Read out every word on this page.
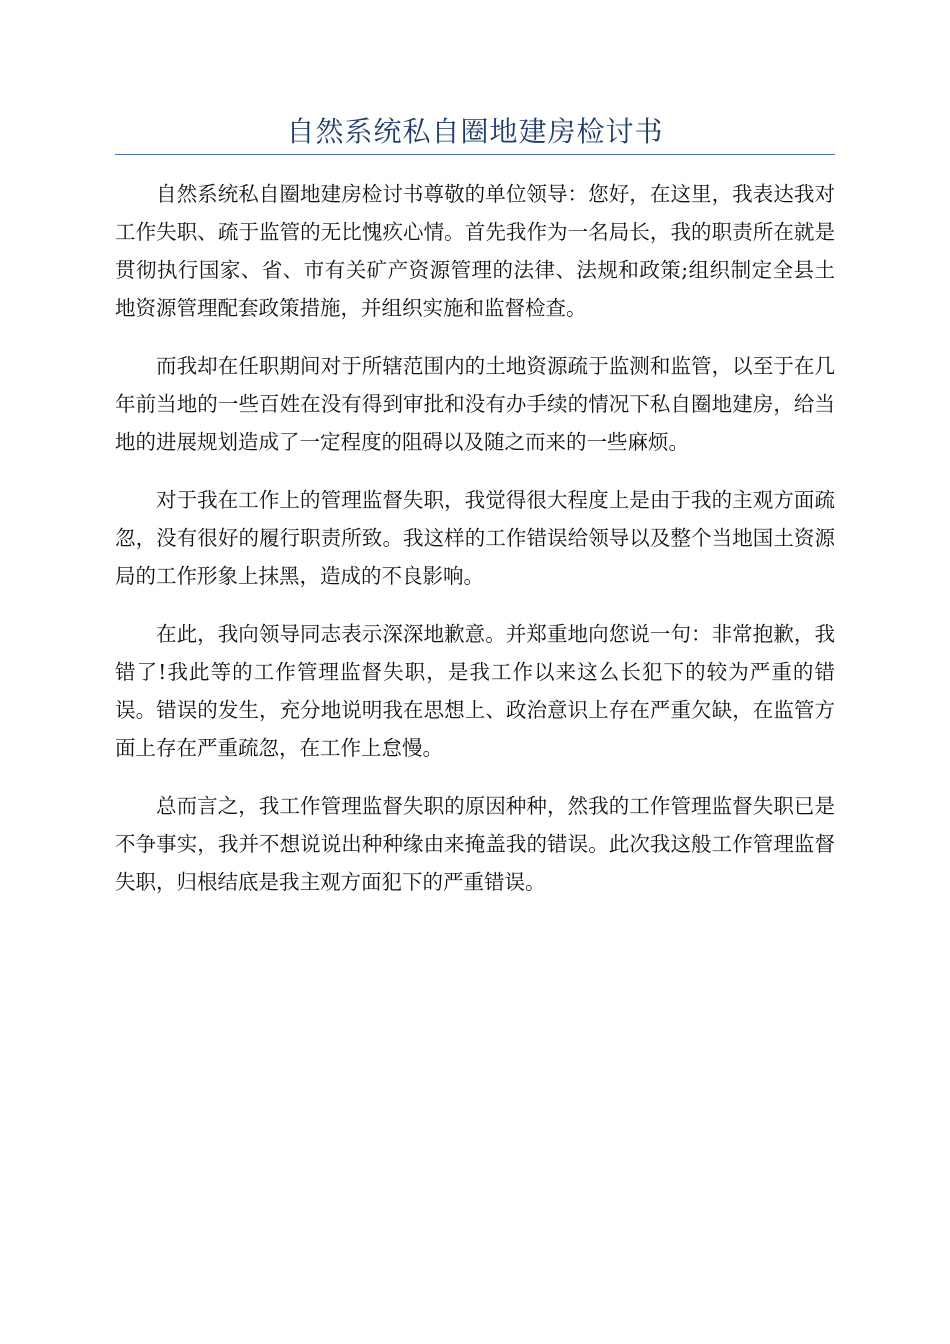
自然系统私自圈地建房检讨书

自然系统私自圈地建房检讨书尊敬的单位领导：您好，在这里，我表达我对工作失职、疏于监管的无比愧疚心情。首先我作为一名局长，我的职责所在就是贯彻执行国家、省、市有关矿产资源管理的法律、法规和政策;组织制定全县土地资源管理配套政策措施，并组织实施和监督检查。

而我却在任职期间对于所辖范围内的土地资源疏于监测和监管，以至于在几年前当地的一些百姓在没有得到审批和没有办手续的情况下私自圈地建房，给当地的进展规划造成了一定程度的阻碍以及随之而来的一些麻烦。

对于我在工作上的管理监督失职，我觉得很大程度上是由于我的主观方面疏忽，没有很好的履行职责所致。我这样的工作错误给领导以及整个当地国土资源局的工作形象上抹黑，造成的不良影响。

在此，我向领导同志表示深深地歉意。并郑重地向您说一句：非常抱歉，我错了!我此等的工作管理监督失职，是我工作以来这么长犯下的较为严重的错误。错误的发生，充分地说明我在思想上、政治意识上存在严重欠缺，在监管方面上存在严重疏忽，在工作上怠慢。

总而言之，我工作管理监督失职的原因种种，然我的工作管理监督失职已是不争事实，我并不想说说出种种缘由来掩盖我的错误。此次我这般工作管理监督失职，归根结底是我主观方面犯下的严重错误。
